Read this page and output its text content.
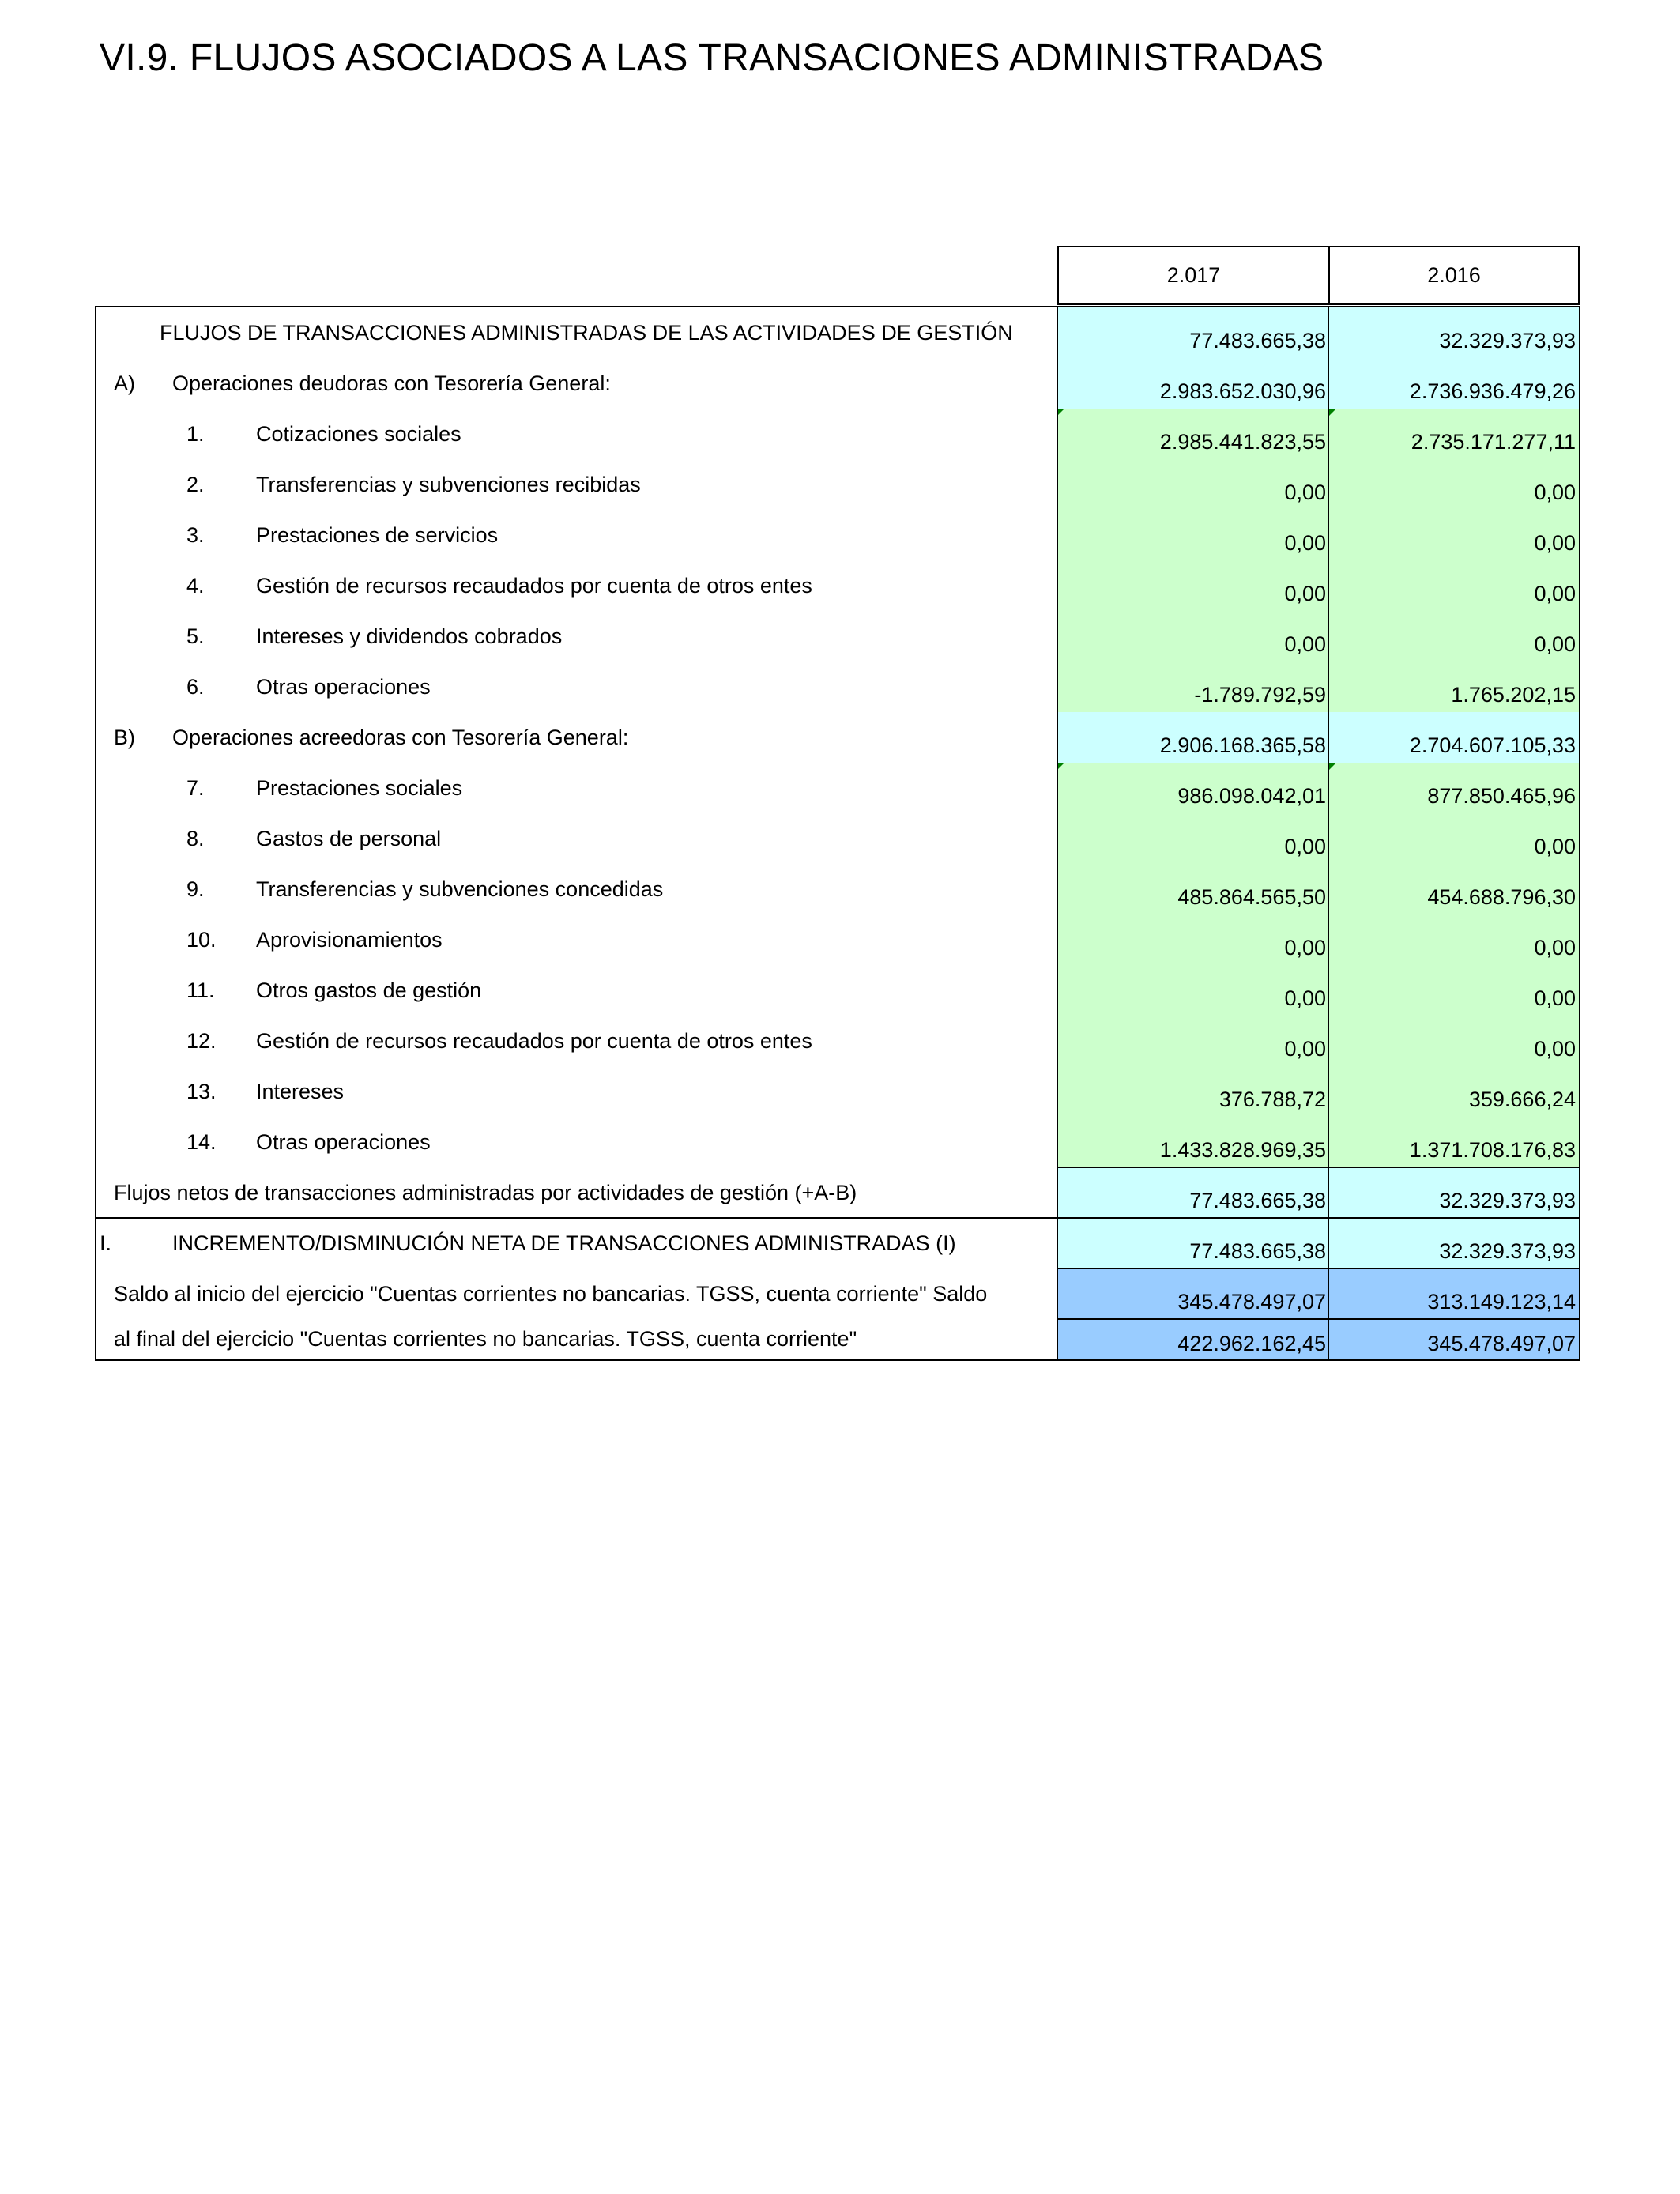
VI.9. FLUJOS ASOCIADOS A LAS TRANSACIONES ADMINISTRADAS
2.017	2.016
FLUJOS DE TRANSACCIONES ADMINISTRADAS DE LAS ACTIVIDADES DE GESTIÓN	77.483.665,38	32.329.373,93
A) Operaciones deudoras con Tesorería General:	2.983.652.030,96	2.736.936.479,26
1. Cotizaciones sociales	2.985.441.823,55	2.735.171.277,11
2. Transferencias y subvenciones recibidas	0,00	0,00
3. Prestaciones de servicios	0,00	0,00
4. Gestión de recursos recaudados por cuenta de otros entes	0,00	0,00
5. Intereses y dividendos cobrados	0,00	0,00
6. Otras operaciones	-1.789.792,59	1.765.202,15
B) Operaciones acreedoras con Tesorería General:	2.906.168.365,58	2.704.607.105,33
7. Prestaciones sociales	986.098.042,01	877.850.465,96
8. Gastos de personal	0,00	0,00
9. Transferencias y subvenciones concedidas	485.864.565,50	454.688.796,30
10. Aprovisionamientos	0,00	0,00
11. Otros gastos de gestión	0,00	0,00
12. Gestión de recursos recaudados por cuenta de otros entes	0,00	0,00
13. Intereses	376.788,72	359.666,24
14. Otras operaciones	1.433.828.969,35	1.371.708.176,83
Flujos netos de transacciones administradas por actividades de gestión (+A-B)	77.483.665,38	32.329.373,93
I.	INCREMENTO/DISMINUCIÓN NETA DE TRANSACCIONES ADMINISTRADAS (I)	77.483.665,38	32.329.373,93
Saldo al inicio del ejercicio "Cuentas corrientes no bancarias. TGSS, cuenta corriente" Saldo	345.478.497,07	313.149.123,14
al final del ejercicio "Cuentas corrientes no bancarias. TGSS, cuenta corriente"	422.962.162,45	345.478.497,07
